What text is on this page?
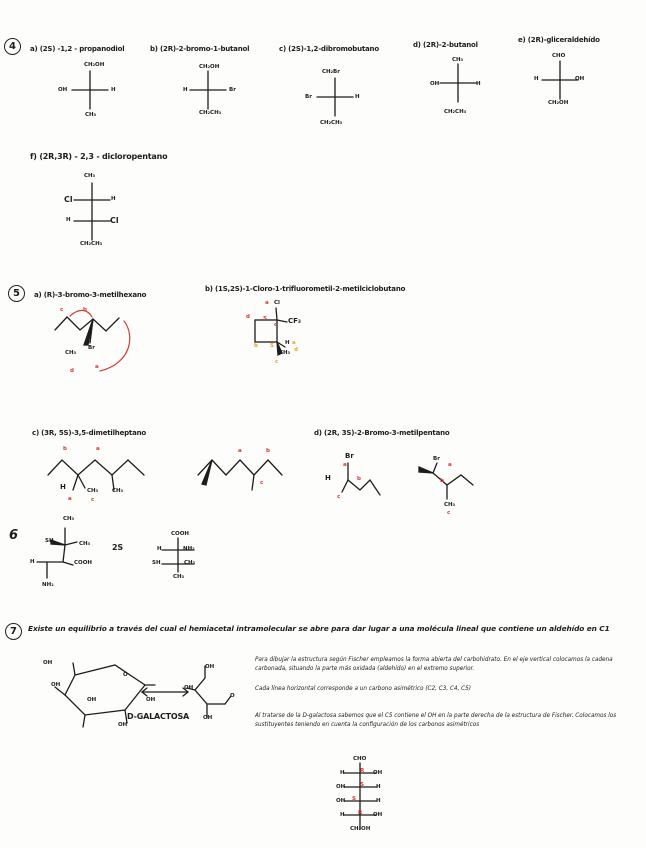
4	a) (2S) -1,2 - propanodiol
CH₂OH
OH	H
CH₃
b) (2R)-2-bromo-1-butanol
CH₂OH
H	Br
CH₂CH₃
c) (2S)-1,2-dibromobutano
CH₂Br
Br	H
CH₂CH₃
d) (2R)-2-butanol
CH₃
OH	H
CH₂CH₃
e) (2R)-gliceraldehído
CHO
H	OH
CH₂OH
f) (2R,3R) - 2,3 - dicloropentano
CH₃
Cl	H
H	Cl
CH₂CH₃
5	a) (R)-3-bromo-3-metilhexano
c	b
CH₃
Br
d
a
b) (1S,2S)-1-Cloro-1-trifluorometil-2-metilciclobutano
Cl
a
CF₃
d S
c
b S H a
CH₃
c
d
c) (3R, 5S)-3,5-dimetilheptano
b	a
H	CH₃	CH₃
a	c
a	b
c
d) (2R, 3S)-2-Bromo-3-metilpentano
Br
a
H	b
c
Br
a
b
CH₃
c
6
CH₃
SH	CH₃
H	COOH
NH₂
2S
COOH
H	NH₂
SH	CH₃
CH₃
7	Existe un equilibrio a través del cual el hemiacetal intramolecular se abre para dar lugar a una molécula lineal que contiene un aldehído en C1
OH
OH
O
OH	OH
OH
D-GALACTOSA
OH
OH
O
OH
Para dibujar la estructura según Fischer empleamos la forma abierta del carbohidrato. En el eje vertical colocamos la cadena carbonada, situando la parte más oxidada (aldehído) en el extremo superior.
Cada línea horizontal corresponde a un carbono asimétrico (C2, C3, C4, C5)
Al tratarse de la D-galactosa sabemos que el C5 contiene el OH en la parte derecha de la estructura de Fischer. Colocamos los sustituyentes teniendo en cuenta la configuración de los carbonos asimétricos
CHO
H	R OH
OH	S H
OH S	H
H R OH
CH₂OH
